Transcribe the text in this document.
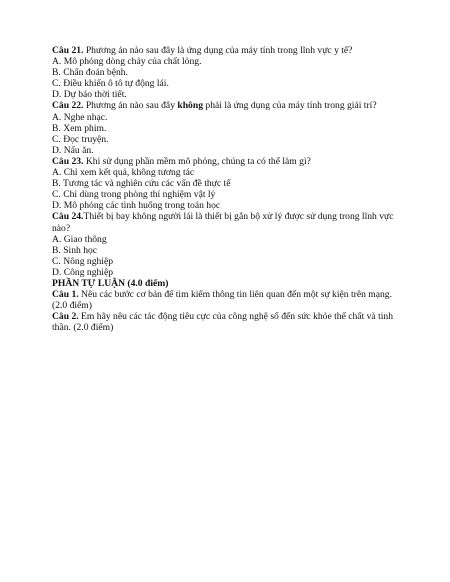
Câu 21. Phương án nào sau đây là ứng dụng của máy tính trong lĩnh vực y tế?
A. Mô phỏng dòng chảy của chất lỏng.
B. Chẩn đoán bệnh.
C. Điều khiển ô tô tự động lái.
D. Dự báo thời tiết.
Câu 22. Phương án nào sau đây không phải là ứng dụng của máy tính trong giải trí?
A. Nghe nhạc.
B. Xem phim.
C. Đọc truyện.
D. Nấu ăn.
Câu 23. Khi sử dụng phần mềm mô phỏng, chúng ta có thể làm gì?
A. Chỉ xem kết quả, không tương tác
B. Tương tác và nghiên cứu các vấn đề thực tế
C. Chỉ dùng trong phòng thí nghiệm vật lý
D. Mô phỏng các tình huống trong toán học
Câu 24.Thiết bị bay không người lái là thiết bị gắn bộ xử lý được sử dụng trong lĩnh vực nào?
A. Giao thông
B. Sinh học
C. Nông nghiệp
D. Công nghiệp
PHẦN TỰ LUẬN (4.0 điểm)
Câu 1. Nêu các bước cơ bản để tìm kiếm thông tin liên quan đến một sự kiện trên mạng. (2.0 điểm)
Câu 2. Em hãy nêu các tác động tiêu cực của công nghệ số đến sức khỏe thể chất và tinh thần. (2.0 điểm)
